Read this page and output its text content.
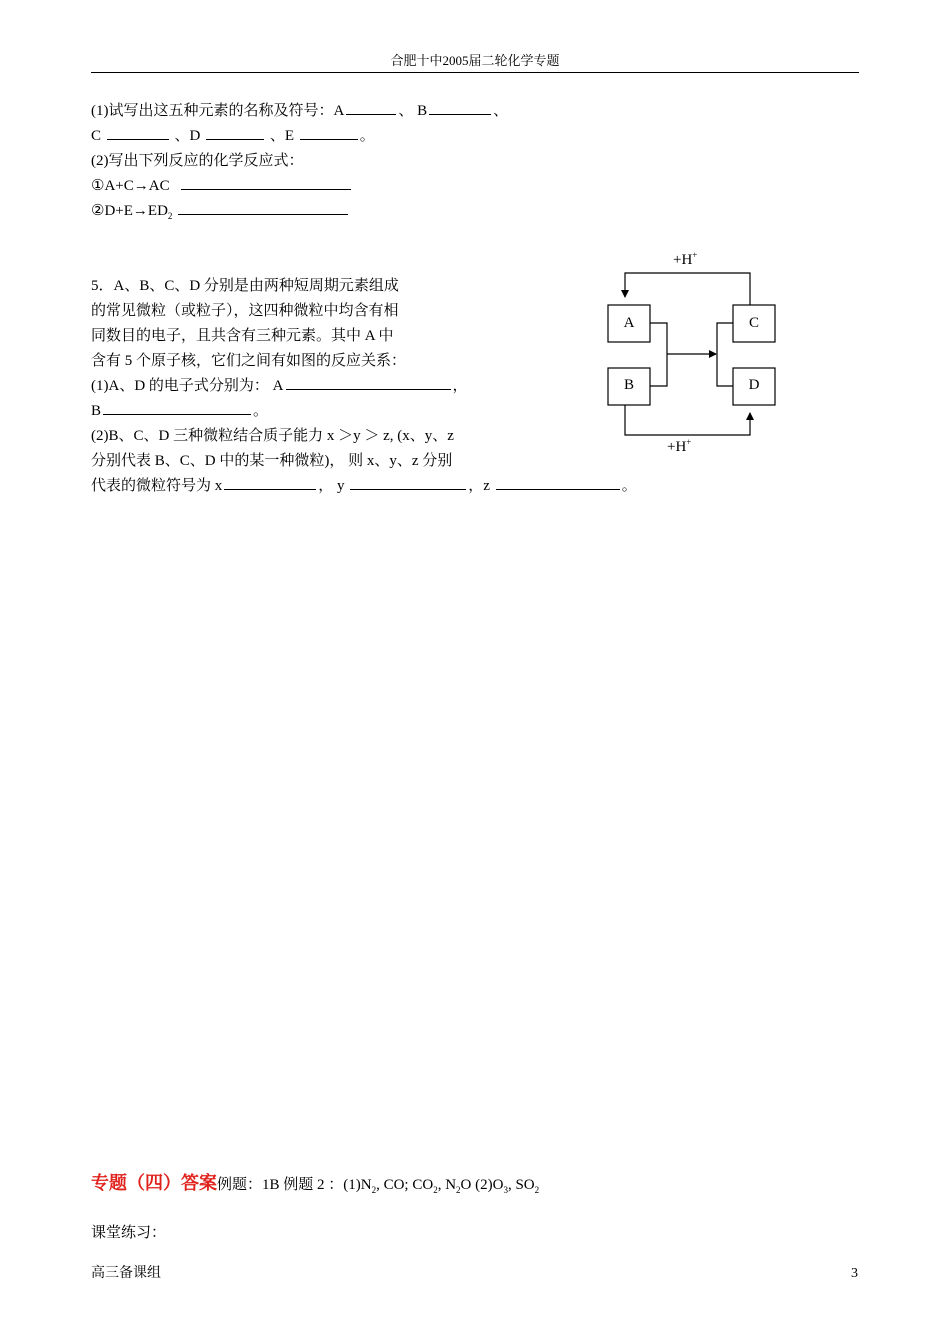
合肥十中2005届二轮化学专题
(1)试写出这五种元素的名称及符号：A	、 B	、
C	、D	、E	。
(2)写出下列反应的化学反应式：
①A+C→AC
$②D+E\to ED_2$
5．A、B、C、D 分别是由两种短周期元素组成
的常见微粒（或粒子），这四种微粒中均含有相
同数目的电子，且共含有三种元素。其中 A 中
含有 5 个原子核，它们之间有如图的反应关系：
(1)A、D 的电子式分别为： A	，
B	。
(2)B、C、D 三种微粒结合质子能力 x ＞y ＞ z, (x、y、z
分别代表 B、C、D 中的某一种微粒)， 则 x、y、z 分别
代表的微粒符号为 x	， y	，z	。
A	C
B	D
+H+
+H+
专题（四）答案例题：1B 例题 2 ：$(1)N_2$, CO; $CO_2$, $N_2O$ $(2)O_3$, $SO_2$
课堂练习：
高三备课组	3
